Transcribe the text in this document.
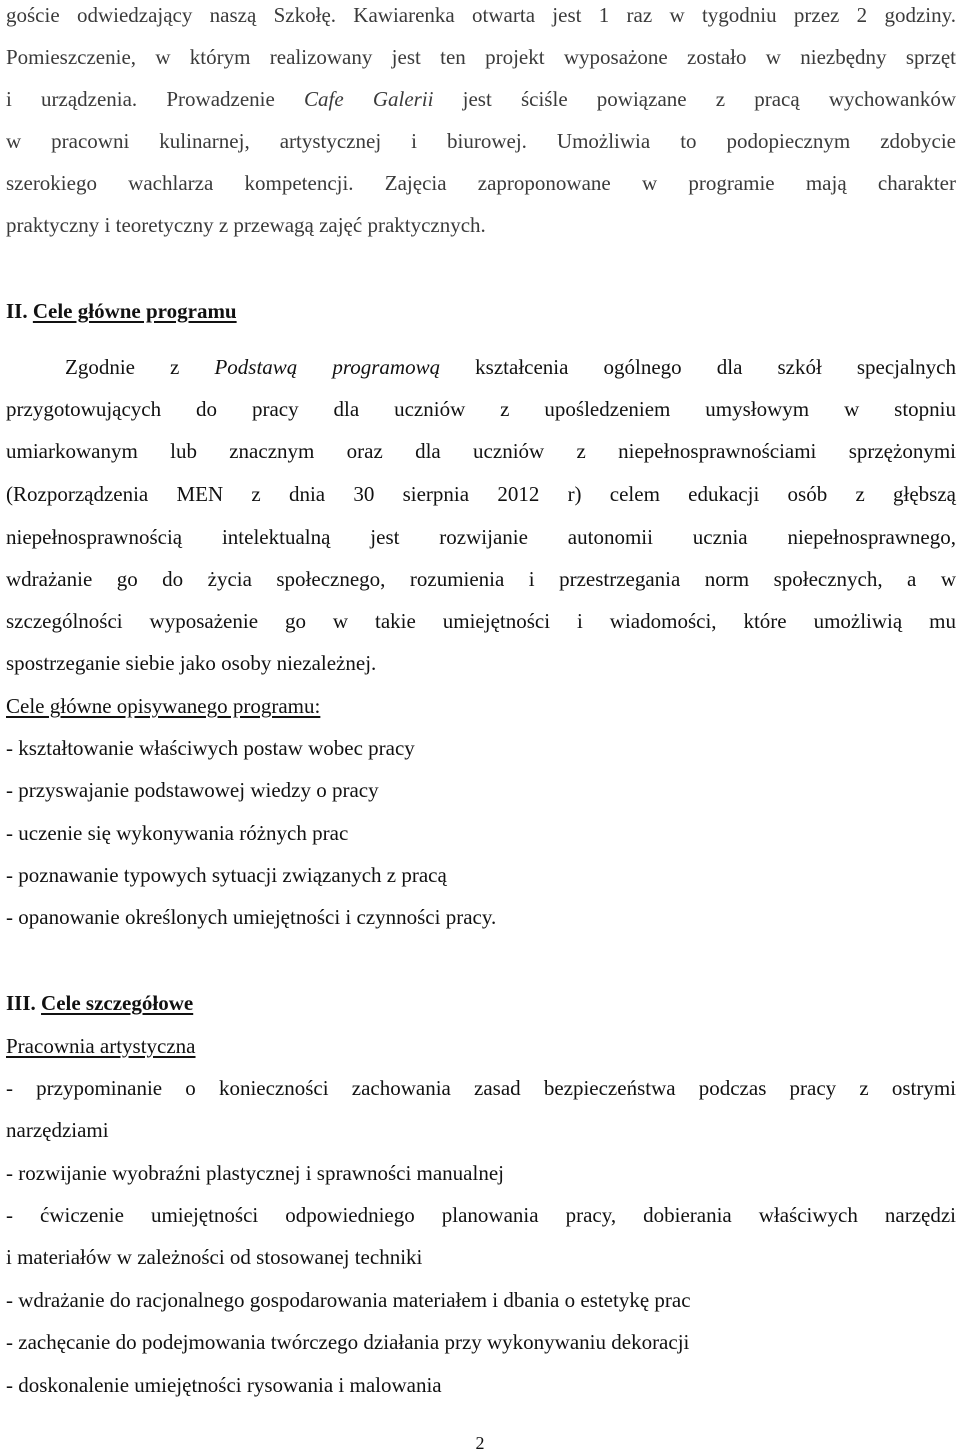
goście odwiedzający naszą Szkołę. Kawiarenka otwarta jest 1 raz w tygodniu przez 2 godziny.
Pomieszczenie, w którym realizowany jest ten projekt wyposażone zostało w niezbędny sprzęt
i urządzenia. Prowadzenie Cafe Galerii jest ściśle powiązane z pracą wychowanków
w pracowni kulinarnej, artystycznej i biurowej. Umożliwia to podopiecznym zdobycie
szerokiego wachlarza kompetencji. Zajęcia zaproponowane w programie mają charakter
praktyczny i teoretyczny z przewagą zajęć praktycznych.
II. Cele główne programu
Zgodnie z Podstawą programową kształcenia ogólnego dla szkół specjalnych
przygotowujących do pracy dla uczniów z upośledzeniem umysłowym w stopniu
umiarkowanym lub znacznym oraz dla uczniów z niepełnosprawnościami sprzężonymi
(Rozporządzenia MEN z dnia 30 sierpnia 2012 r) celem edukacji osób z głębszą
niepełnosprawnością intelektualną jest rozwijanie autonomii ucznia niepełnosprawnego,
wdrażanie go do życia społecznego, rozumienia i przestrzegania norm społecznych, a w
szczególności wyposażenie go w takie umiejętności i wiadomości, które umożliwią mu
spostrzeganie siebie jako osoby niezależnej.
Cele główne opisywanego programu:
- kształtowanie właściwych postaw wobec pracy
- przyswajanie podstawowej wiedzy o pracy
- uczenie się wykonywania różnych prac
- poznawanie typowych sytuacji związanych z pracą
- opanowanie określonych umiejętności i czynności pracy.
III. Cele szczegółowe
Pracownia artystyczna
- przypominanie o konieczności zachowania zasad bezpieczeństwa podczas pracy z ostrymi
narzędziami
- rozwijanie wyobraźni plastycznej i sprawności manualnej
- ćwiczenie umiejętności odpowiedniego planowania pracy, dobierania właściwych narzędzi
i materiałów w zależności od stosowanej techniki
- wdrażanie do racjonalnego gospodarowania materiałem i dbania o estetykę prac
- zachęcanie do podejmowania twórczego działania przy wykonywaniu dekoracji
- doskonalenie umiejętności rysowania i malowania
2
